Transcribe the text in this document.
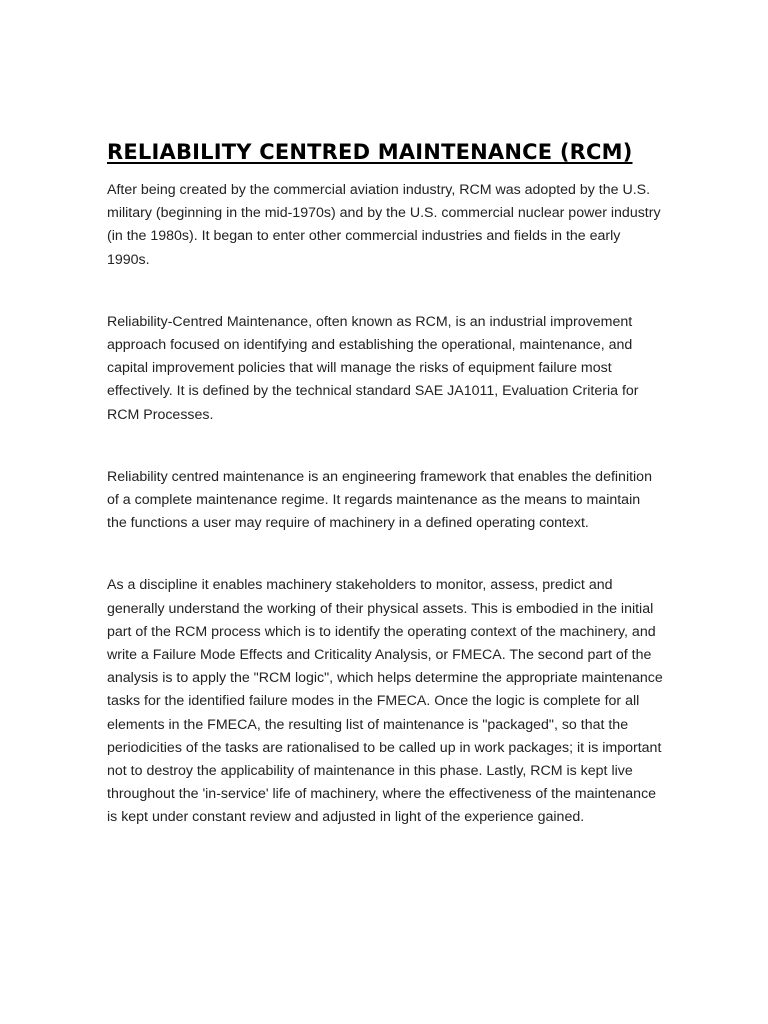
RELIABILITY CENTRED MAINTENANCE (RCM)

After being created by the commercial aviation industry, RCM was adopted by the U.S. military (beginning in the mid-1970s) and by the U.S. commercial nuclear power industry (in the 1980s). It began to enter other commercial industries and fields in the early 1990s.

Reliability-Centred Maintenance, often known as RCM, is an industrial improvement approach focused on identifying and establishing the operational, maintenance, and capital improvement policies that will manage the risks of equipment failure most effectively. It is defined by the technical standard SAE JA1011, Evaluation Criteria for RCM Processes.

Reliability centred maintenance is an engineering framework that enables the definition of a complete maintenance regime. It regards maintenance as the means to maintain the functions a user may require of machinery in a defined operating context.

As a discipline it enables machinery stakeholders to monitor, assess, predict and generally understand the working of their physical assets. This is embodied in the initial part of the RCM process which is to identify the operating context of the machinery, and write a Failure Mode Effects and Criticality Analysis, or FMECA. The second part of the analysis is to apply the "RCM logic", which helps determine the appropriate maintenance tasks for the identified failure modes in the FMECA. Once the logic is complete for all elements in the FMECA, the resulting list of maintenance is "packaged", so that the periodicities of the tasks are rationalised to be called up in work packages; it is important not to destroy the applicability of maintenance in this phase. Lastly, RCM is kept live throughout the 'in-service' life of machinery, where the effectiveness of the maintenance is kept under constant review and adjusted in light of the experience gained.
